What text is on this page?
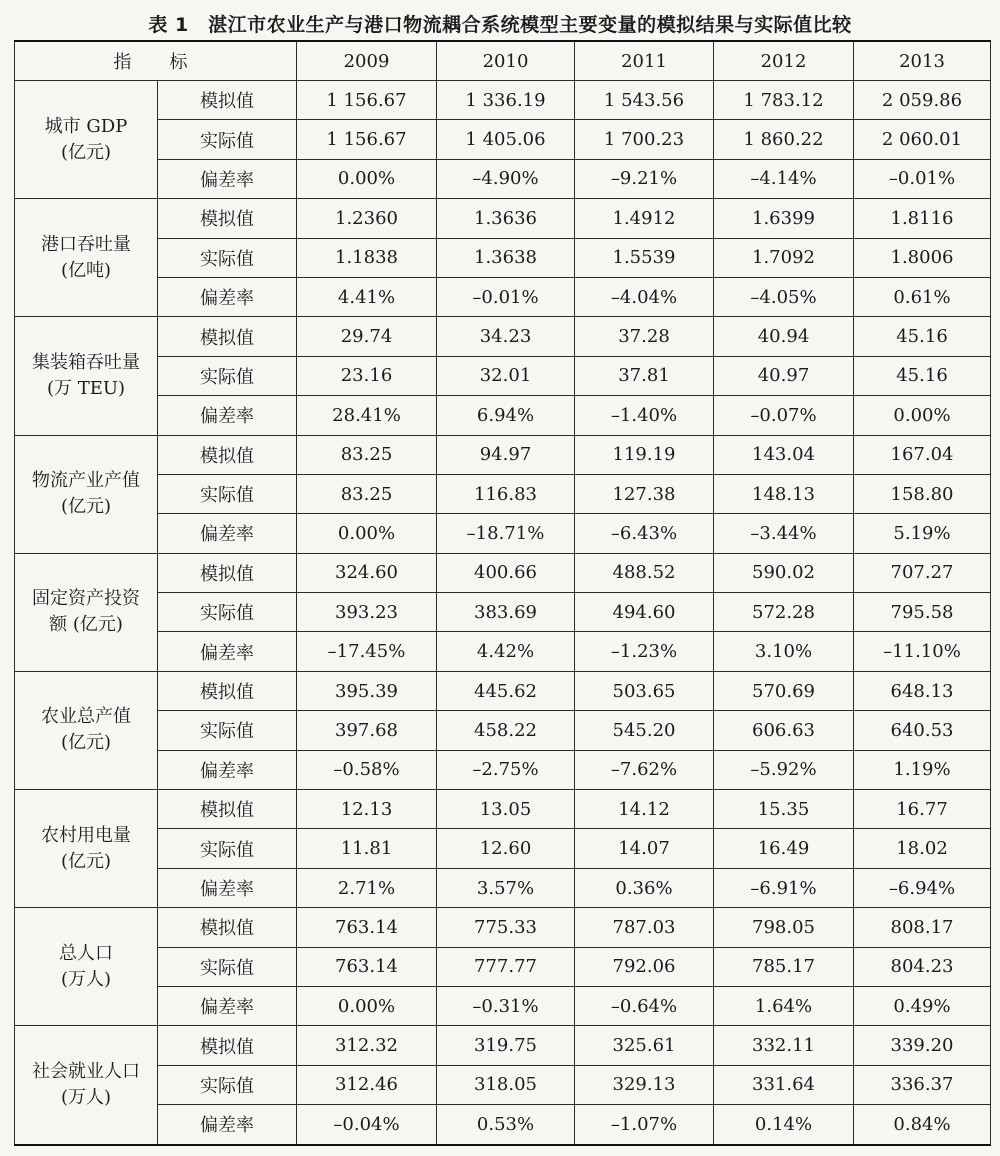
表 1　湛江市农业生产与港口物流耦合系统模型主要变量的模拟结果与实际值比较
指　标		2009	2010	2011	2012	2013

城市 GDP
(亿元)	模拟值	1 156.67	1 336.19	1 543.56	1 783.12	2 059.86
	实际值	1 156.67	1 405.06	1 700.23	1 860.22	2 060.01
	偏差率	0.00%	–4.90%	–9.21%	–4.14%	–0.01%

港口吞吐量
(亿吨)	模拟值	1.2360	1.3636	1.4912	1.6399	1.8116
	实际值	1.1838	1.3638	1.5539	1.7092	1.8006
	偏差率	4.41%	–0.01%	–4.04%	–4.05%	0.61%

集装箱吞吐量
(万 TEU)	模拟值	29.74	34.23	37.28	40.94	45.16
	实际值	23.16	32.01	37.81	40.97	45.16
	偏差率	28.41%	6.94%	–1.40%	–0.07%	0.00%

物流产业产值
(亿元)	模拟值	83.25	94.97	119.19	143.04	167.04
	实际值	83.25	116.83	127.38	148.13	158.80
	偏差率	0.00%	–18.71%	–6.43%	–3.44%	5.19%

固定资产投资
额 (亿元)	模拟值	324.60	400.66	488.52	590.02	707.27
	实际值	393.23	383.69	494.60	572.28	795.58
	偏差率	–17.45%	4.42%	–1.23%	3.10%	–11.10%

农业总产值
(亿元)	模拟值	395.39	445.62	503.65	570.69	648.13
	实际值	397.68	458.22	545.20	606.63	640.53
	偏差率	–0.58%	–2.75%	–7.62%	–5.92%	1.19%

农村用电量
(亿元)	模拟值	12.13	13.05	14.12	15.35	16.77
	实际值	11.81	12.60	14.07	16.49	18.02
	偏差率	2.71%	3.57%	0.36%	–6.91%	–6.94%

总人口
(万人)	模拟值	763.14	775.33	787.03	798.05	808.17
	实际值	763.14	777.77	792.06	785.17	804.23
	偏差率	0.00%	–0.31%	–0.64%	1.64%	0.49%

社会就业人口
(万人)	模拟值	312.32	319.75	325.61	332.11	339.20
	实际值	312.46	318.05	329.13	331.64	336.37
	偏差率	–0.04%	0.53%	–1.07%	0.14%	0.84%
